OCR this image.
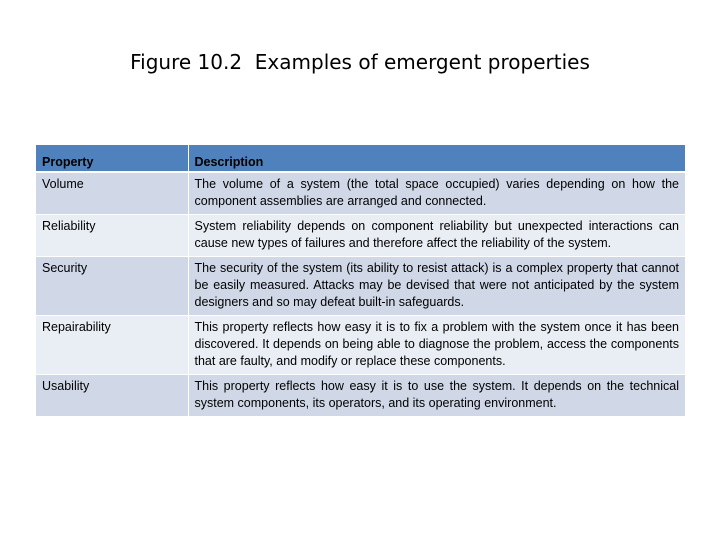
Figure 10.2  Examples of emergent properties
Property	Description
Volume	The volume of a system (the total space occupied) varies depending on how the component assemblies are arranged and connected.
Reliability	System reliability depends on component reliability but unexpected interactions can cause new types of failures and therefore affect the reliability of the system.
Security	The security of the system (its ability to resist attack) is a complex property that cannot be easily measured. Attacks may be devised that were not anticipated by the system designers and so may defeat built-in safeguards.
Repairability	This property reflects how easy it is to fix a problem with the system once it has been discovered. It depends on being able to diagnose the problem, access the components that are faulty, and modify or replace these components.
Usability	This property reflects how easy it is to use the system. It depends on the technical system components, its operators, and its operating environment.
